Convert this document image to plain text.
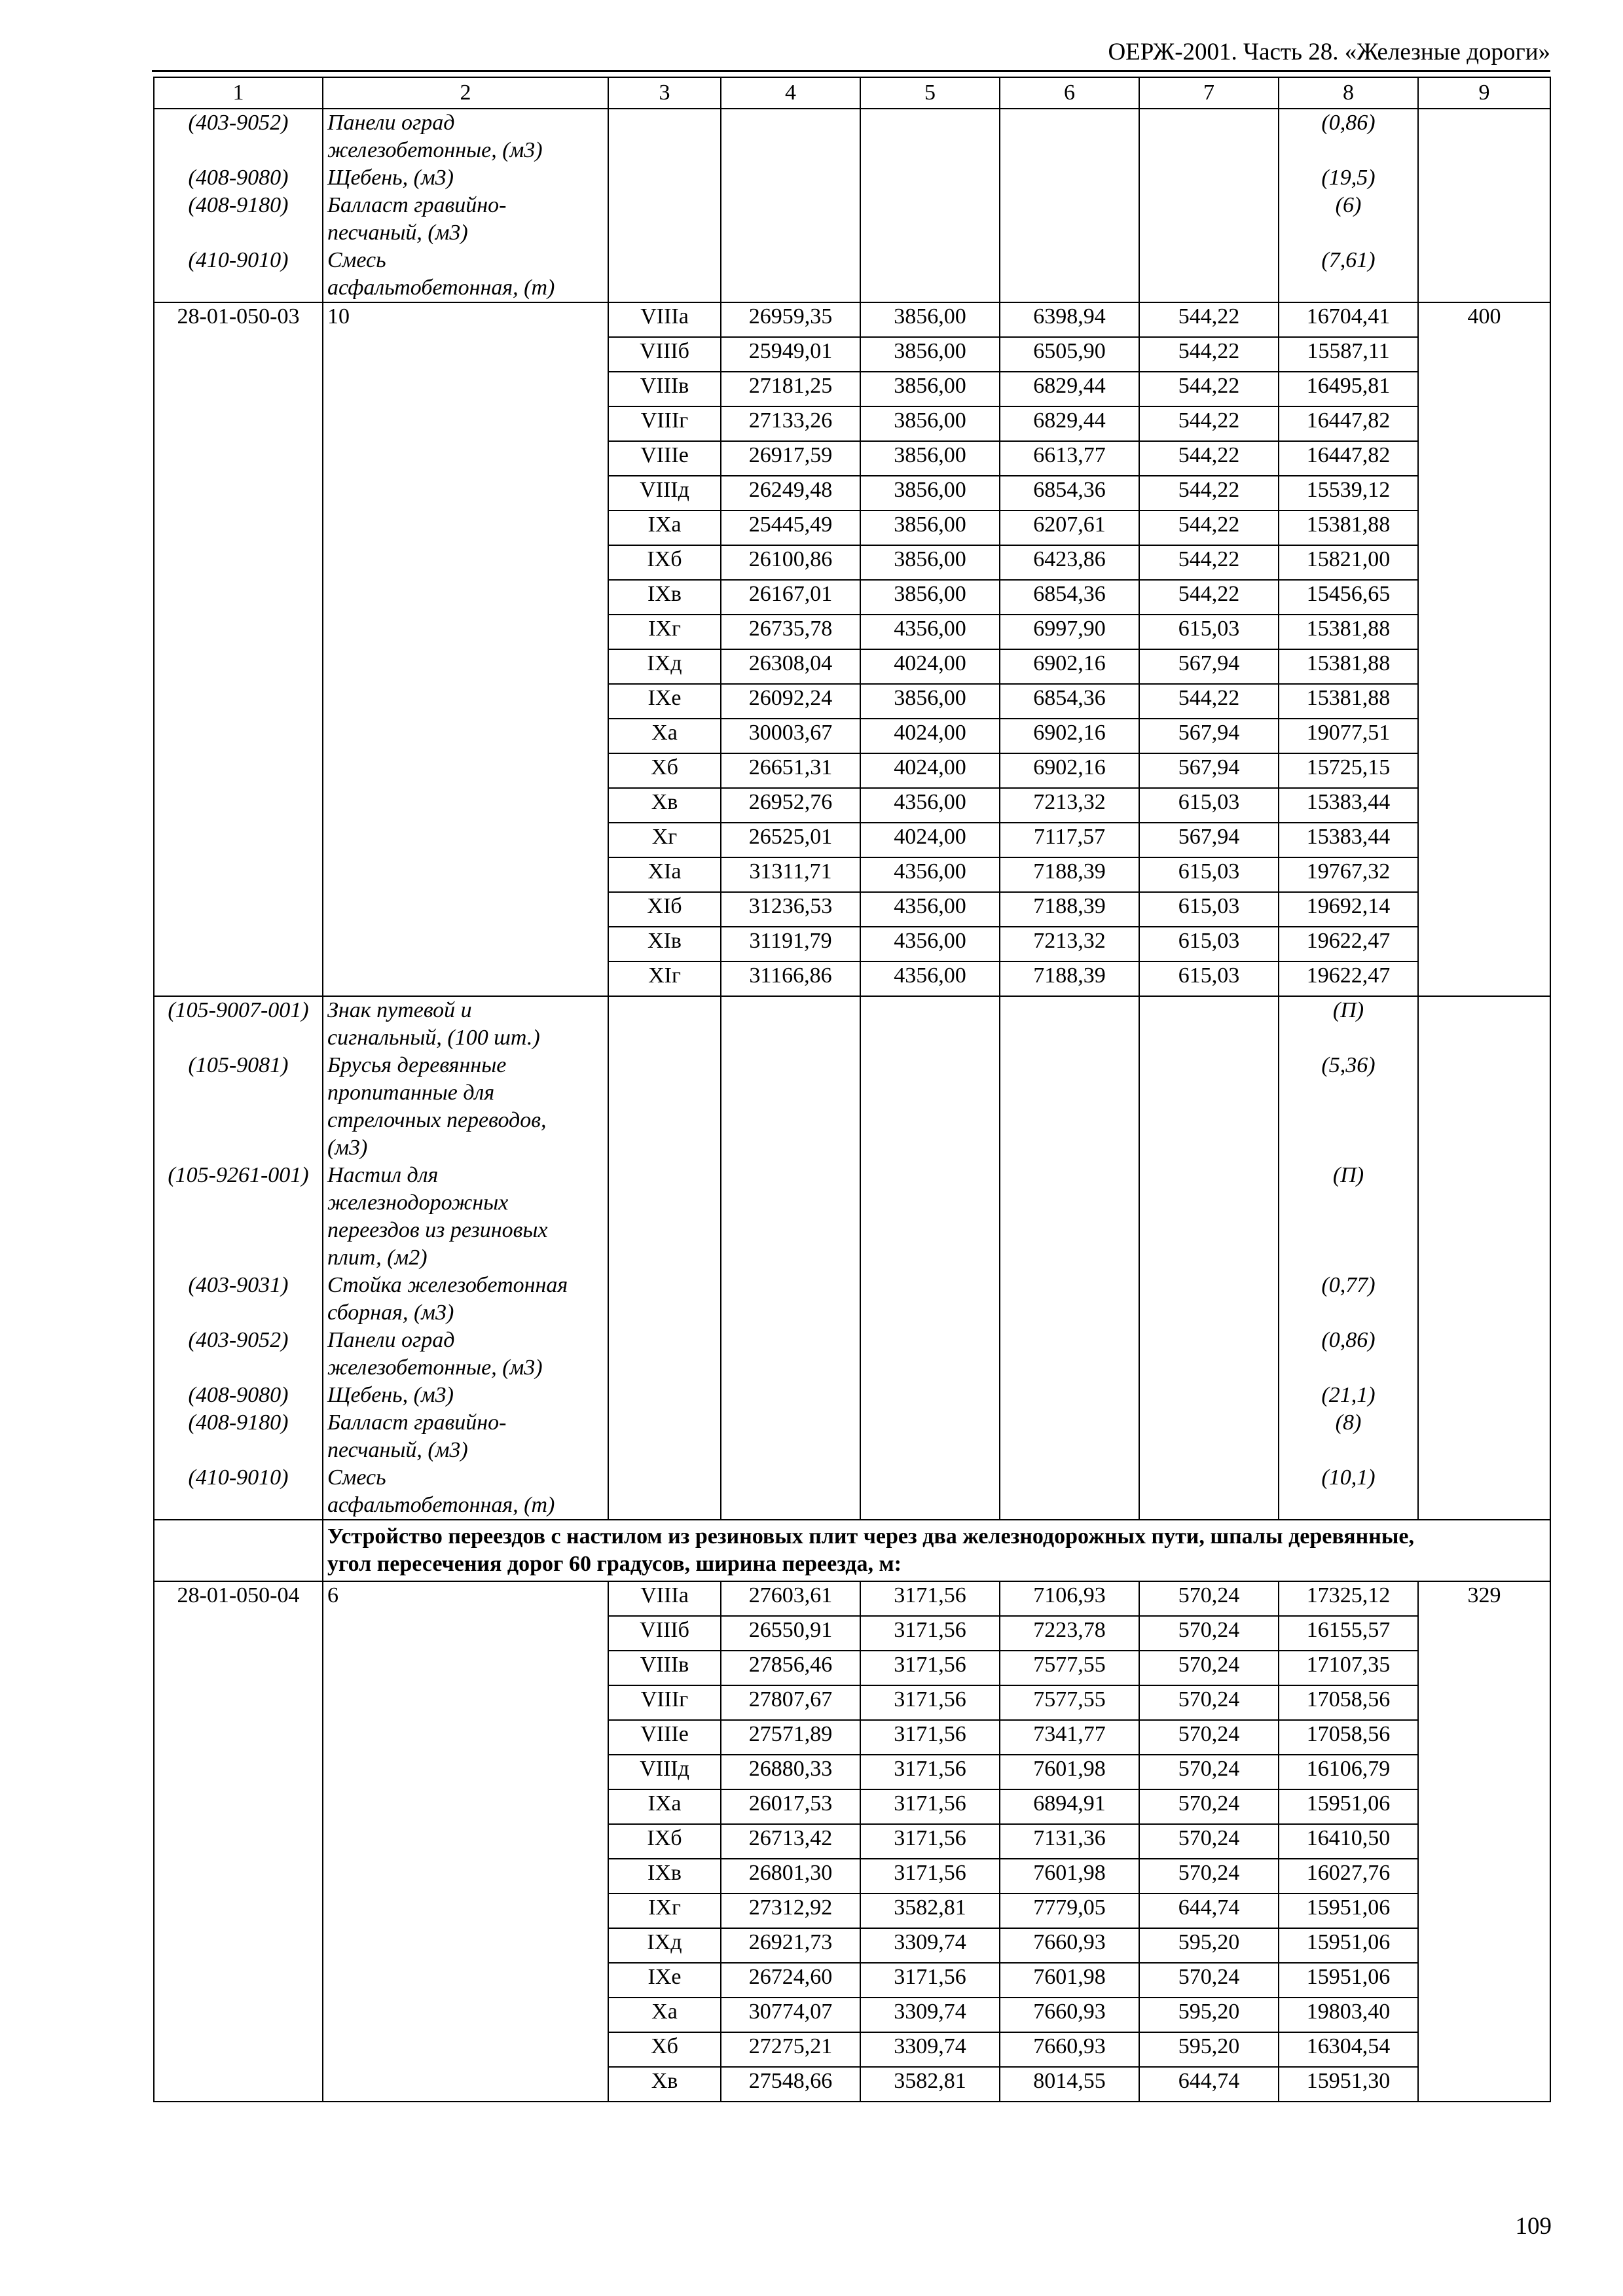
ОЕРЖ-2001. Часть 28. «Железные дороги»
1	2	3	4	5	6	7	8	9
(403-9052)	Панели оград
железобетонные, (м3)						(0,86)	
(408-9080)	Щебень, (м3)						(19,5)	
(408-9180)	Балласт гравийно-
песчаный, (м3)						(6)	
(410-9010)	Смесь
асфальтобетонная, (т)						(7,61)	
28-01-050-03	10	VIIIа	26959,35	3856,00	6398,94	544,22	16704,41	400
		VIIIб	25949,01	3856,00	6505,90	544,22	15587,11	
		VIIIв	27181,25	3856,00	6829,44	544,22	16495,81	
		VIIIг	27133,26	3856,00	6829,44	544,22	16447,82	
		VIIIе	26917,59	3856,00	6613,77	544,22	16447,82	
		VIIIд	26249,48	3856,00	6854,36	544,22	15539,12	
		IXа	25445,49	3856,00	6207,61	544,22	15381,88	
		IXб	26100,86	3856,00	6423,86	544,22	15821,00	
		IXв	26167,01	3856,00	6854,36	544,22	15456,65	
		IXг	26735,78	4356,00	6997,90	615,03	15381,88	
		IXд	26308,04	4024,00	6902,16	567,94	15381,88	
		IXе	26092,24	3856,00	6854,36	544,22	15381,88	
		Xа	30003,67	4024,00	6902,16	567,94	19077,51	
		Xб	26651,31	4024,00	6902,16	567,94	15725,15	
		Xв	26952,76	4356,00	7213,32	615,03	15383,44	
		Xг	26525,01	4024,00	7117,57	567,94	15383,44	
		XIа	31311,71	4356,00	7188,39	615,03	19767,32	
		XIб	31236,53	4356,00	7188,39	615,03	19692,14	
		XIв	31191,79	4356,00	7213,32	615,03	19622,47	
		XIг	31166,86	4356,00	7188,39	615,03	19622,47	
(105-9007-001)	Знак путевой и
сигнальный, (100 шт.)						(П)	
(105-9081)	Брусья деревянные
пропитанные для
стрелочных переводов,
(м3)						(5,36)	
(105-9261-001)	Настил для
железнодорожных
переездов из резиновых
плит, (м2)						(П)	
(403-9031)	Стойка железобетонная
сборная, (м3)						(0,77)	
(403-9052)	Панели оград
железобетонные, (м3)						(0,86)	
(408-9080)	Щебень, (м3)						(21,1)	
(408-9180)	Балласт гравийно-
песчаный, (м3)						(8)	
(410-9010)	Смесь
асфальтобетонная, (т)						(10,1)	

	Устройство переездов с настилом из резиновых плит через два железнодорожных пути, шпалы деревянные,
угол пересечения дорог 60 градусов, ширина переезда, м:							

28-01-050-04	6	VIIIа	27603,61	3171,56	7106,93	570,24	17325,12	329
		VIIIб	26550,91	3171,56	7223,78	570,24	16155,57	
		VIIIв	27856,46	3171,56	7577,55	570,24	17107,35	
		VIIIг	27807,67	3171,56	7577,55	570,24	17058,56	
		VIIIе	27571,89	3171,56	7341,77	570,24	17058,56	
		VIIIд	26880,33	3171,56	7601,98	570,24	16106,79	
		IXа	26017,53	3171,56	6894,91	570,24	15951,06	
		IXб	26713,42	3171,56	7131,36	570,24	16410,50	
		IXв	26801,30	3171,56	7601,98	570,24	16027,76	
		IXг	27312,92	3582,81	7779,05	644,74	15951,06	
		IXд	26921,73	3309,74	7660,93	595,20	15951,06	
		IXе	26724,60	3171,56	7601,98	570,24	15951,06	
		Xа	30774,07	3309,74	7660,93	595,20	19803,40	
		Xб	27275,21	3309,74	7660,93	595,20	16304,54	
		Xв	27548,66	3582,81	8014,55	644,74	15951,30	
109
